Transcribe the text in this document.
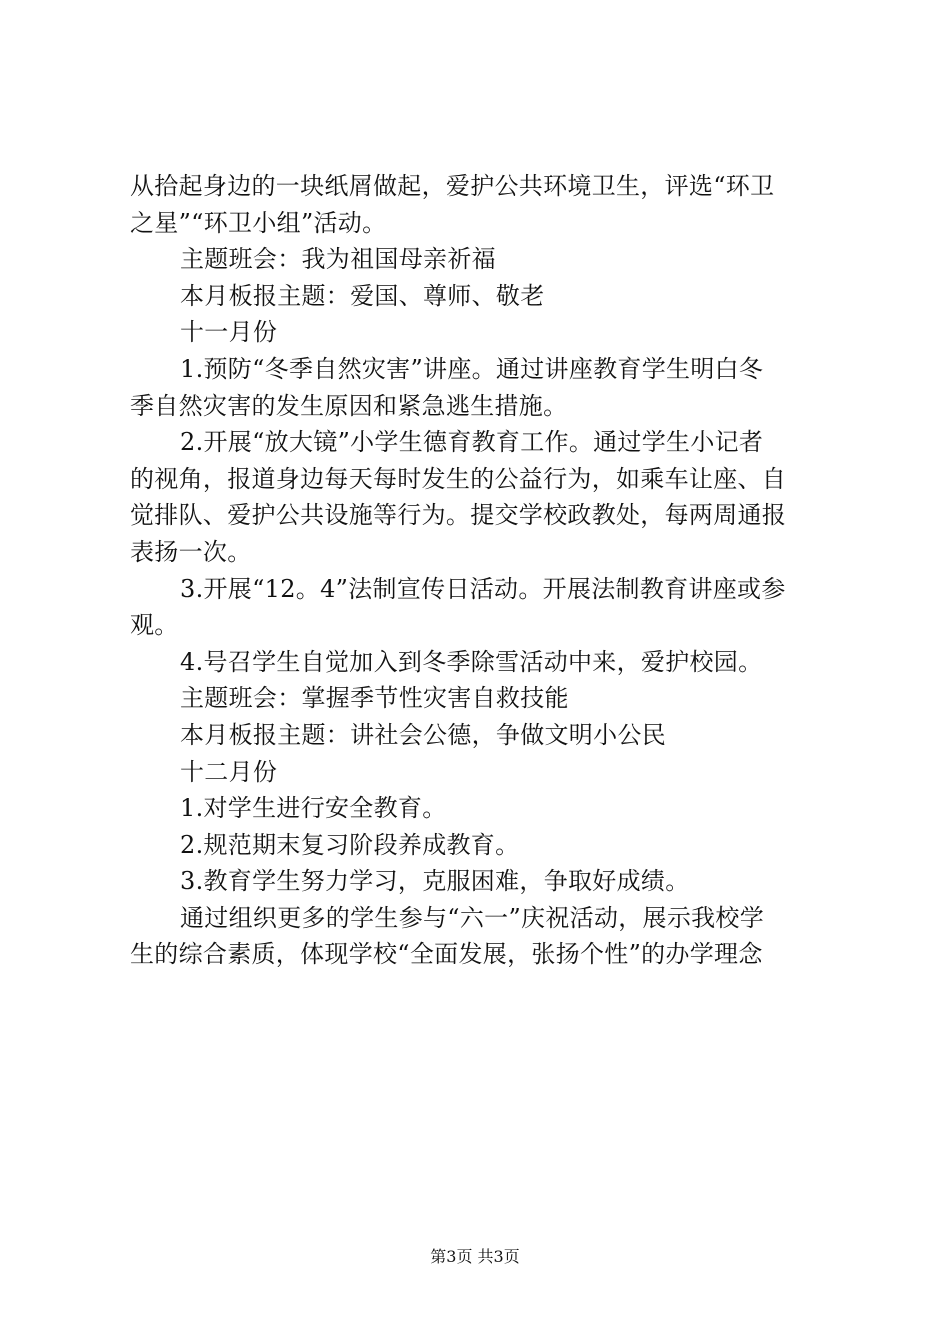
从拾起身边的一块纸屑做起，爱护公共环境卫生，评选“环卫
之星”“环卫小组”活动。
主题班会：我为祖国母亲祈福
本月板报主题：爱国、尊师、敬老
十一月份
1.预防“冬季自然灾害”讲座。通过讲座教育学生明白冬
季自然灾害的发生原因和紧急逃生措施。
2.开展“放大镜”小学生德育教育工作。通过学生小记者
的视角，报道身边每天每时发生的公益行为，如乘车让座、自
觉排队、爱护公共设施等行为。提交学校政教处，每两周通报
表扬一次。
3.开展“12。4”法制宣传日活动。开展法制教育讲座或参
观。
4.号召学生自觉加入到冬季除雪活动中来，爱护校园。
主题班会：掌握季节性灾害自救技能
本月板报主题：讲社会公德，争做文明小公民
十二月份
1.对学生进行安全教育。
2.规范期末复习阶段养成教育。
3.教育学生努力学习，克服困难，争取好成绩。
通过组织更多的学生参与“六一”庆祝活动，展示我校学
生的综合素质，体现学校“全面发展，张扬个性”的办学理念
第3页 共3页
